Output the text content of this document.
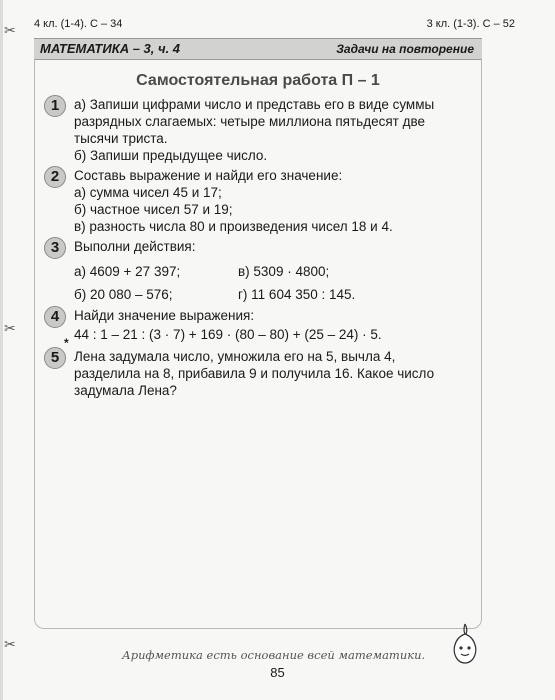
✂
✂
✂
4 кл. (1-4). С – 34	3 кл. (1-3). С – 52
МАТЕМАТИКА – 3, ч. 4	Задачи на повторение
Самостоятельная работа П – 1
1	а) Запиши цифрами число и представь его в виде суммы
разрядных слагаемых: четыре миллиона пятьдесят две
тысячи триста.
б) Запиши предыдущее число.
2	Составь выражение и найди его значение:
а) сумма чисел 45 и 17;
б) частное чисел 57 и 19;
в) разность числа 80 и произведения чисел 18 и 4.
3	Выполни действия:
а) 4609 + 27 397;	в) 5309 · 4800;
б) 20 080 – 576;	г) 11 604 350 : 145.
4	Найди значение выражения:
44 : 1 – 21 : (3 · 7) + 169 · (80 – 80) + (25 – 24) · 5.
5
*
Лена задумала число, умножила его на 5, вычла 4,
разделила на 8, прибавила 9 и получила 16. Какое число
задумала Лена?
Арифметика есть основание всей математики.
85
